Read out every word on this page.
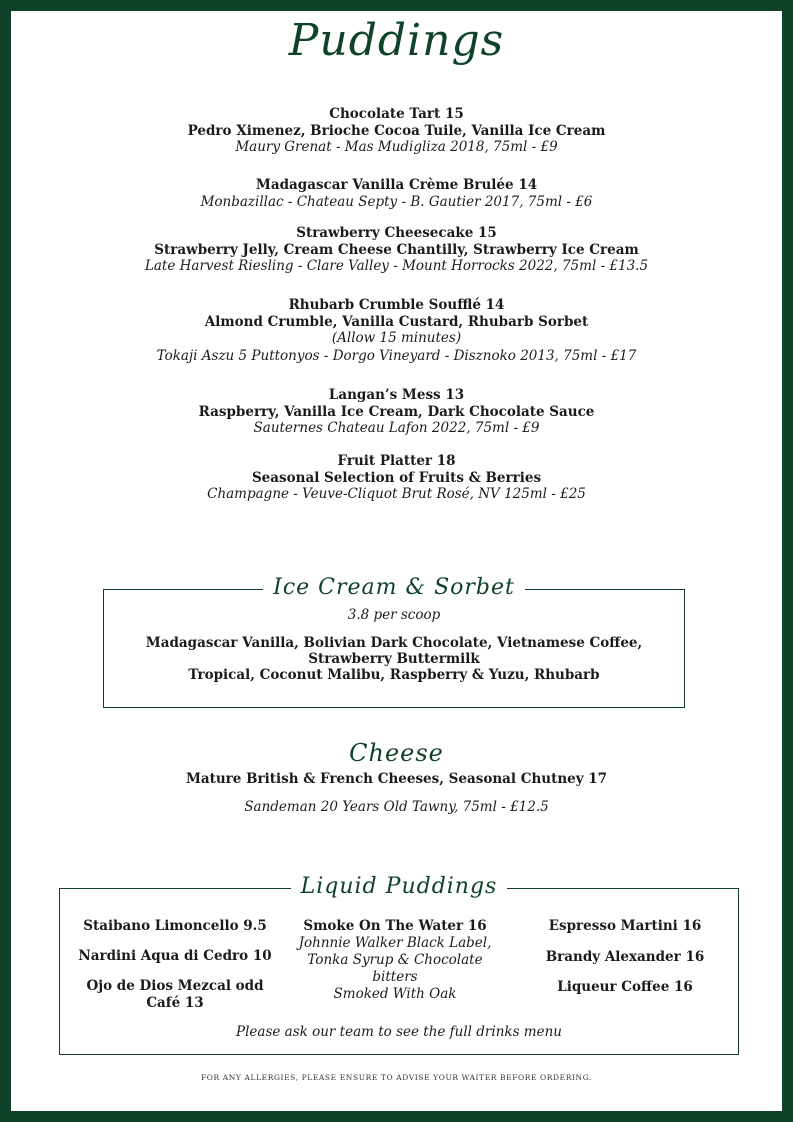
Puddings
Chocolate Tart 15
Pedro Ximenez, Brioche Cocoa Tuile, Vanilla Ice Cream
Maury Grenat - Mas Mudigliza 2018, 75ml - £9
Madagascar Vanilla Crème Brulée 14
Monbazillac - Chateau Septy - B. Gautier 2017, 75ml - £6
Strawberry Cheesecake 15
Strawberry Jelly, Cream Cheese Chantilly, Strawberry Ice Cream
Late Harvest Riesling - Clare Valley - Mount Horrocks 2022, 75ml - £13.5
Rhubarb Crumble Soufflé 14
Almond Crumble, Vanilla Custard, Rhubarb Sorbet
(Allow 15 minutes)
Tokaji Aszu 5 Puttonyos - Dorgo Vineyard - Disznoko 2013, 75ml - £17
Langan’s Mess 13
Raspberry, Vanilla Ice Cream, Dark Chocolate Sauce
Sauternes Chateau Lafon 2022, 75ml - £9
Fruit Platter 18
Seasonal Selection of Fruits & Berries
Champagne - Veuve-Cliquot Brut Rosé, NV 125ml - £25
Ice Cream & Sorbet
3.8 per scoop
Madagascar Vanilla, Bolivian Dark Chocolate, Vietnamese Coffee, Strawberry Buttermilk
Tropical, Coconut Malibu, Raspberry & Yuzu, Rhubarb
Cheese
Mature British & French Cheeses, Seasonal Chutney 17
Sandeman 20 Years Old Tawny, 75ml - £12.5
Liquid Puddings
Staibano Limoncello 9.5
Nardini Aqua di Cedro 10
Ojo de Dios Mezcal odd Café 13
Smoke On The Water 16
Johnnie Walker Black Label,
Tonka Syrup & Chocolate bitters
Smoked With Oak
Espresso Martini 16
Brandy Alexander 16
Liqueur Coffee 16
Please ask our team to see the full drinks menu
FOR ANY ALLERGIES, PLEASE ENSURE TO ADVISE YOUR WAITER BEFORE ORDERING.
